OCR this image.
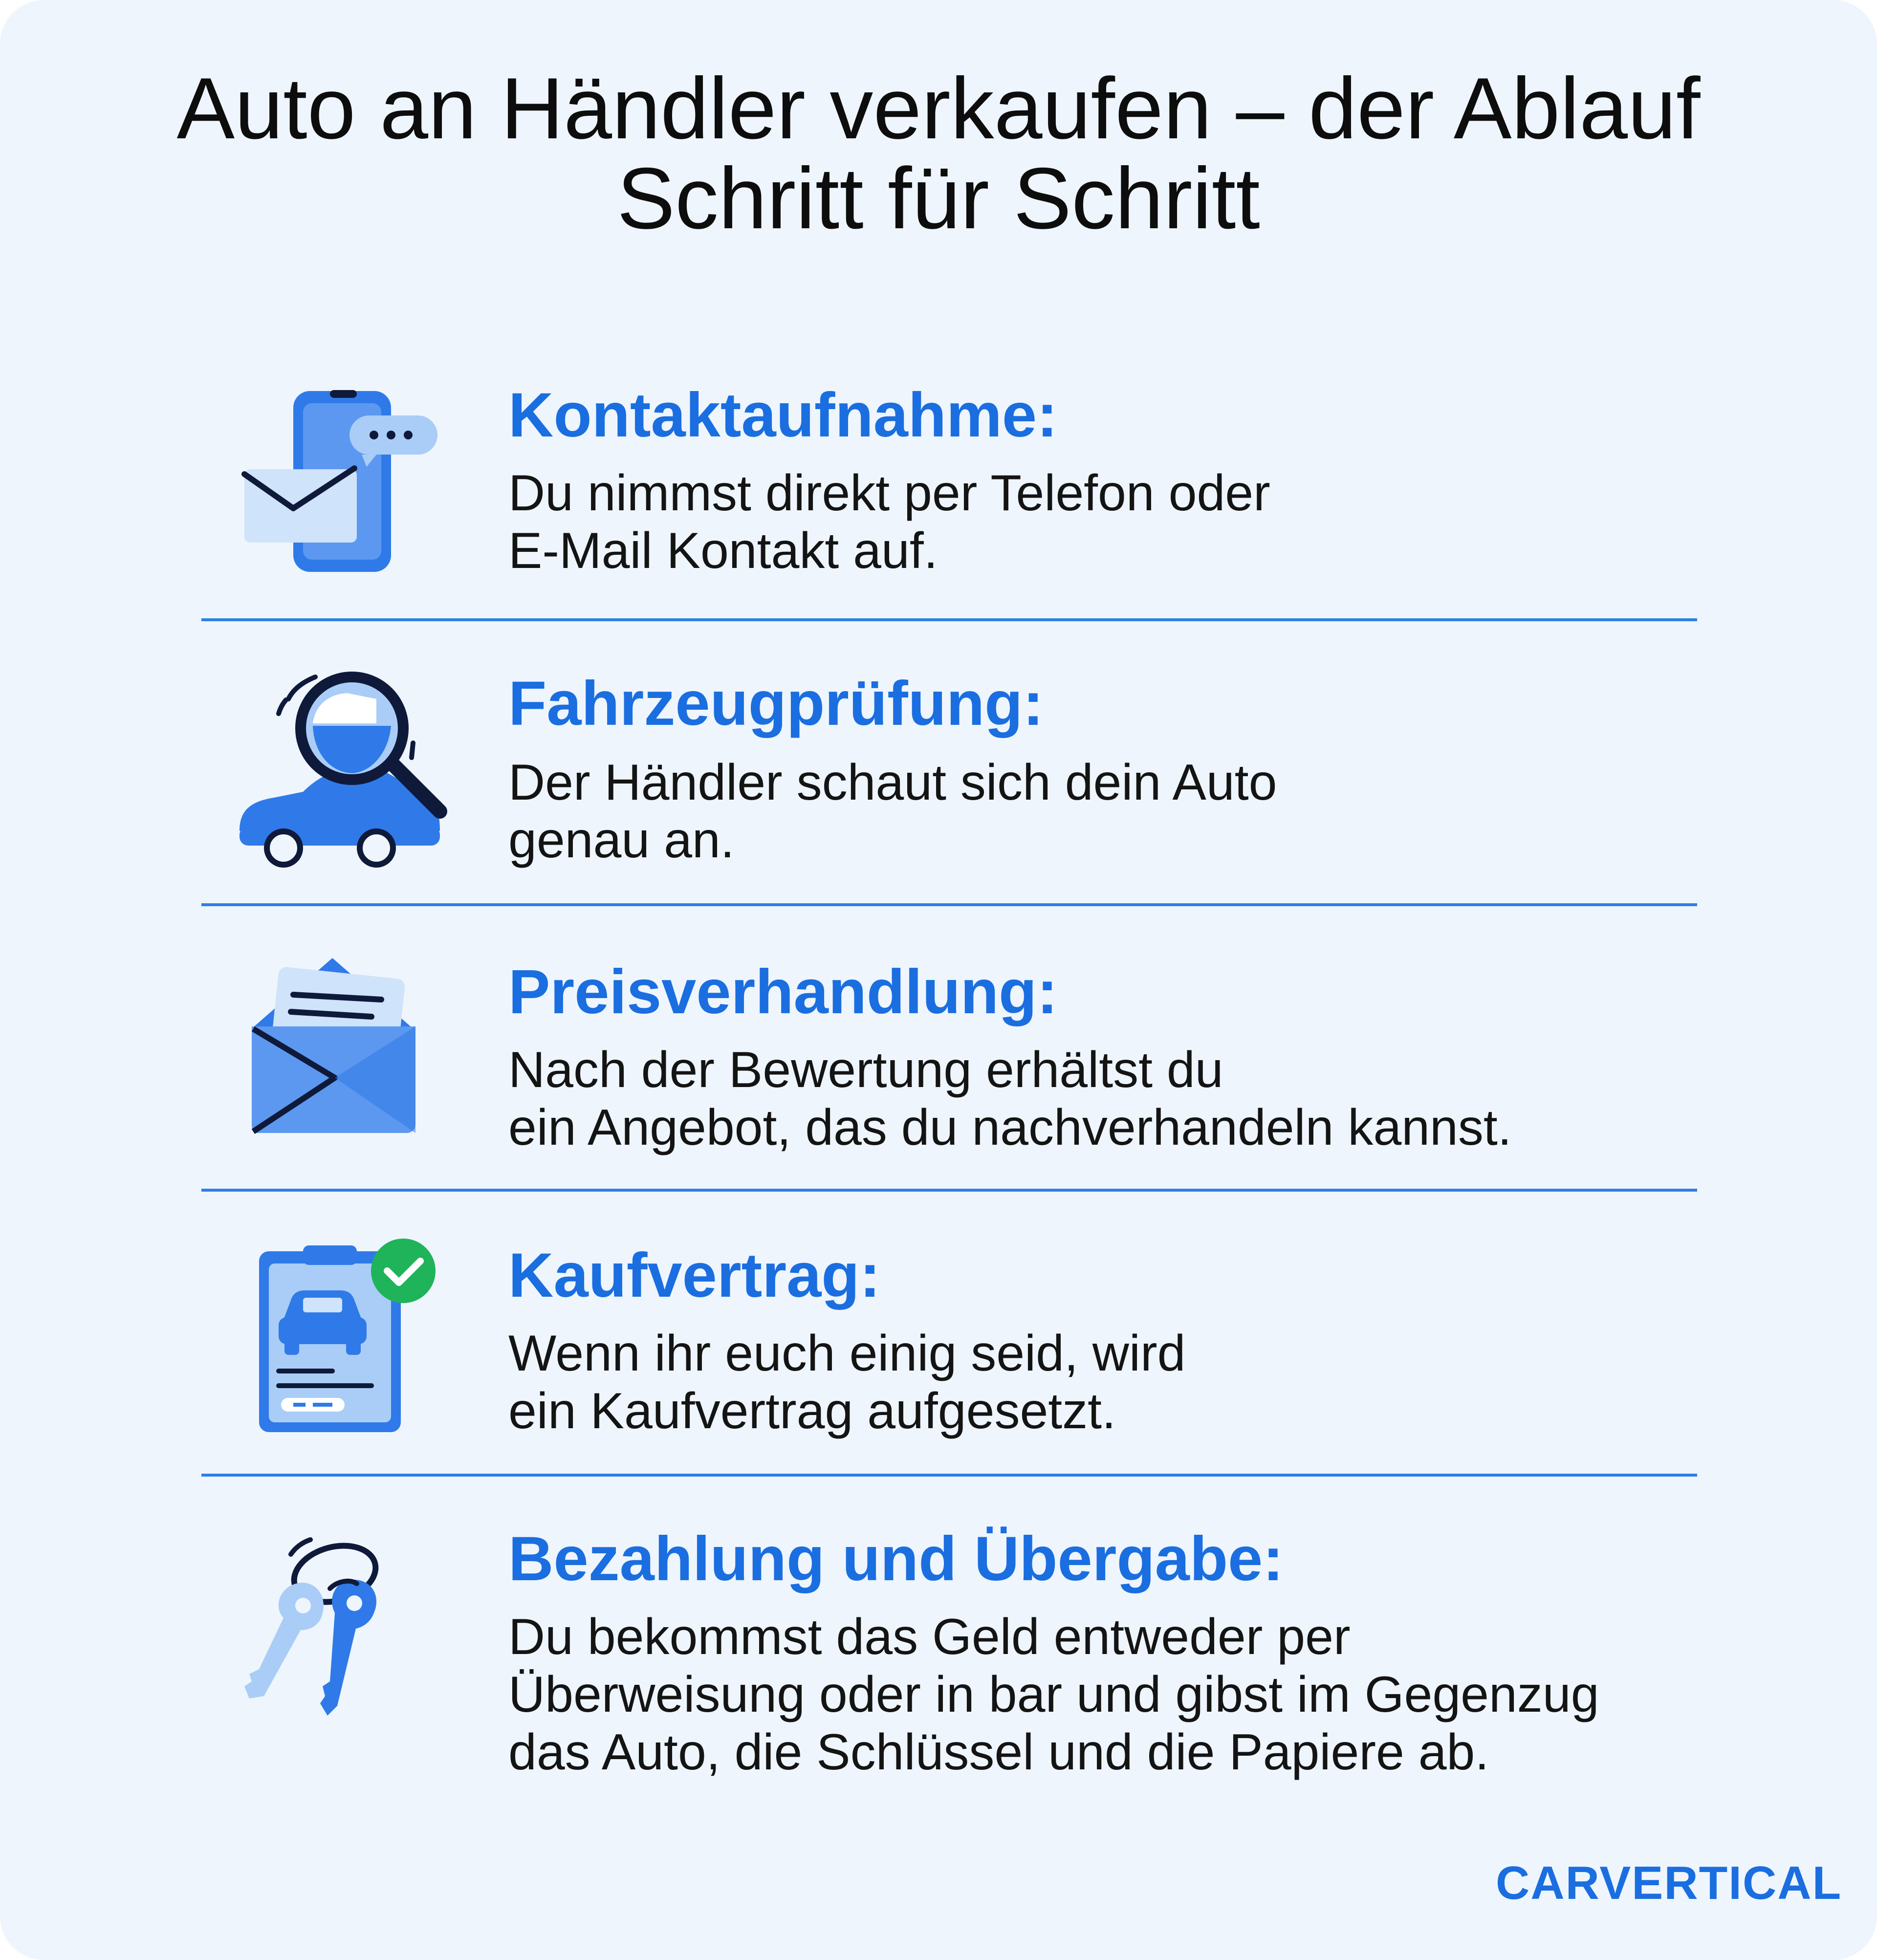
Auto an Händler verkaufen – der Ablauf
Schritt für Schritt
Kontaktaufnahme:

Du nimmst direkt per Telefon oder
E-Mail Kontakt auf.

Fahrzeugprüfung:

Der Händler schaut sich dein Auto
genau an.

Preisverhandlung:

Nach der Bewertung erhältst du
ein Angebot, das du nachverhandeln kannst.

Kaufvertrag:

Wenn ihr euch einig seid, wird
ein Kaufvertrag aufgesetzt.

Bezahlung und Übergabe:

Du bekommst das Geld entweder per
Überweisung oder in bar und gibst im Gegenzug
das Auto, die Schlüssel und die Papiere ab.

CARVERTICAL
